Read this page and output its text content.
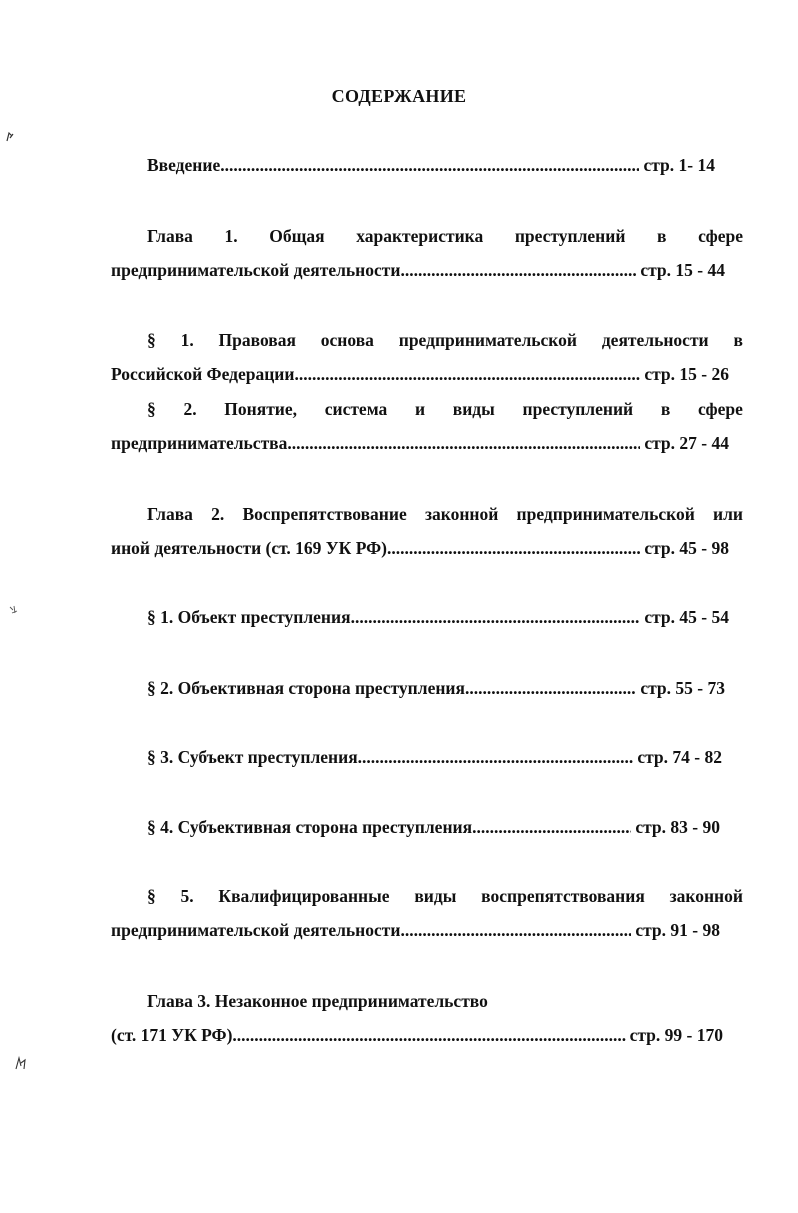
СОДЕРЖАНИЕ
Введение .....	стр. 1- 14
Глава 1. Общая характеристика преступлений в сфере
предпринимательской деятельности .....	стр. 15 - 44
§ 1. Правовая основа предпринимательской деятельности в
Российской Федерации .....	стр. 15 - 26
§ 2. Понятие, система и виды преступлений в сфере
предпринимательства .....	стр. 27 - 44
Глава 2. Воспрепятствование законной предпринимательской или
иной деятельности (ст. 169 УК РФ) .....	стр. 45 - 98
§ 1. Объект преступления .....	стр. 45 - 54
§ 2. Объективная сторона преступления .....	стр. 55 - 73
§ 3. Субъект преступления .....	стр. 74 - 82
§ 4. Субъективная сторона преступления .....	стр. 83 - 90
§ 5. Квалифицированные виды воспрепятствования законной
предпринимательской деятельности .....	стр. 91 - 98
Глава 3. Незаконное предпринимательство
(ст. 171 УК РФ) .....	стр. 99 - 170
